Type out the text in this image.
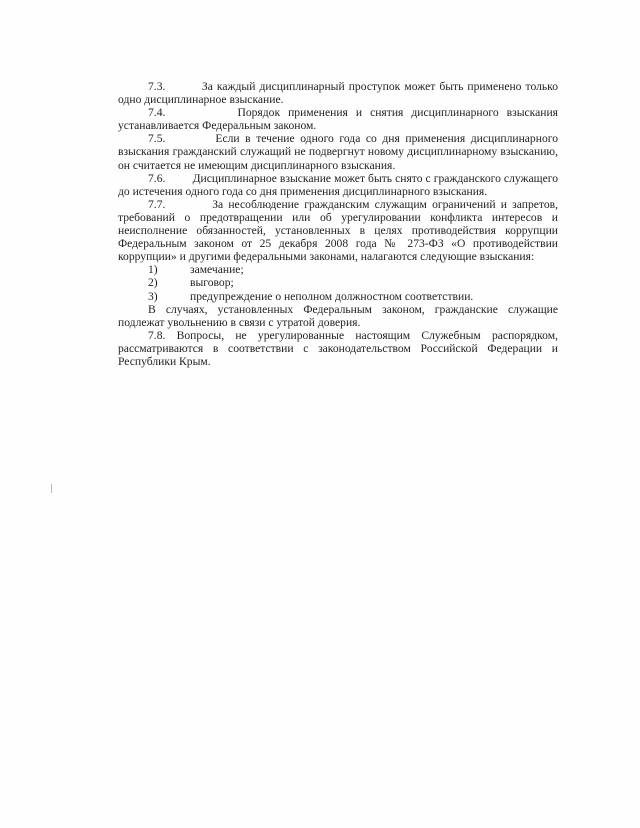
7.3.	За каждый дисциплинарный проступок может быть применено только одно дисциплинарное взыскание.

7.4.	Порядок применения и снятия дисциплинарного взыскания устанавливается Федеральным законом.

7.5.	Если в течение одного года со дня применения дисциплинарного взыскания гражданский служащий не подвергнут новому дисциплинарному взысканию, он считается не имеющим дисциплинарного взыскания.

7.6. Дисциплинарное взыскание может быть снято с гражданского служащего до истечения одного года со дня применения дисциплинарного взыскания.

7.7.	За несоблюдение гражданским служащим ограничений и запретов, требований о предотвращении или об урегулировании конфликта интересов и неисполнение обязанностей, установленных в целях противодействия коррупции Федеральным законом от 25 декабря 2008 года № 273-ФЗ «О противодействии коррупции» и другими федеральными законами, налагаются следующие взыскания:

1)	замечание;
2)	выговор;
3)	предупреждение о неполном должностном соответствии.

В случаях, установленных Федеральным законом, гражданские служащие подлежат увольнению в связи с утратой доверия.

7.8. Вопросы, не урегулированные настоящим Служебным распорядком, рассматриваются в соответствии с законодательством Российской Федерации и Республики Крым.
